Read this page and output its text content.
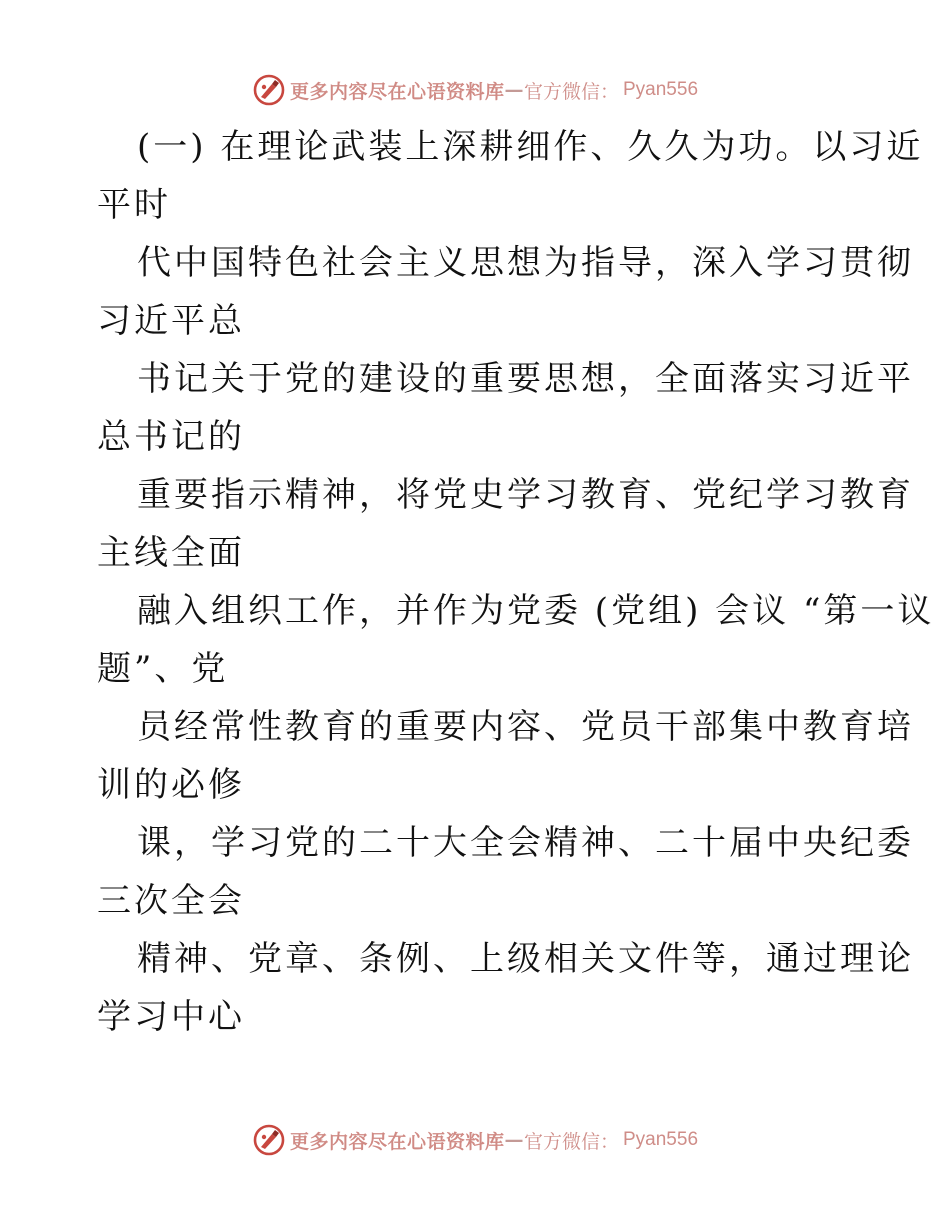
更多内容尽在心语资料库 — 官方微信： Pyan556

(一) 在理论武装上深耕细作、久久为功。以习近
平时

代中国特色社会主义思想为指导，深入学习贯彻
习近平总

书记关于党的建设的重要思想，全面落实习近平
总书记的

重要指示精神，将党史学习教育、党纪学习教育
主线全面

融入组织工作，并作为党委 (党组) 会议 “第一议
题”、党

员经常性教育的重要内容、党员干部集中教育培
训的必修

课，学习党的二十大全会精神、二十届中央纪委
三次全会

精神、党章、条例、上级相关文件等，通过理论
学习中心

更多内容尽在心语资料库 — 官方微信： Pyan556
